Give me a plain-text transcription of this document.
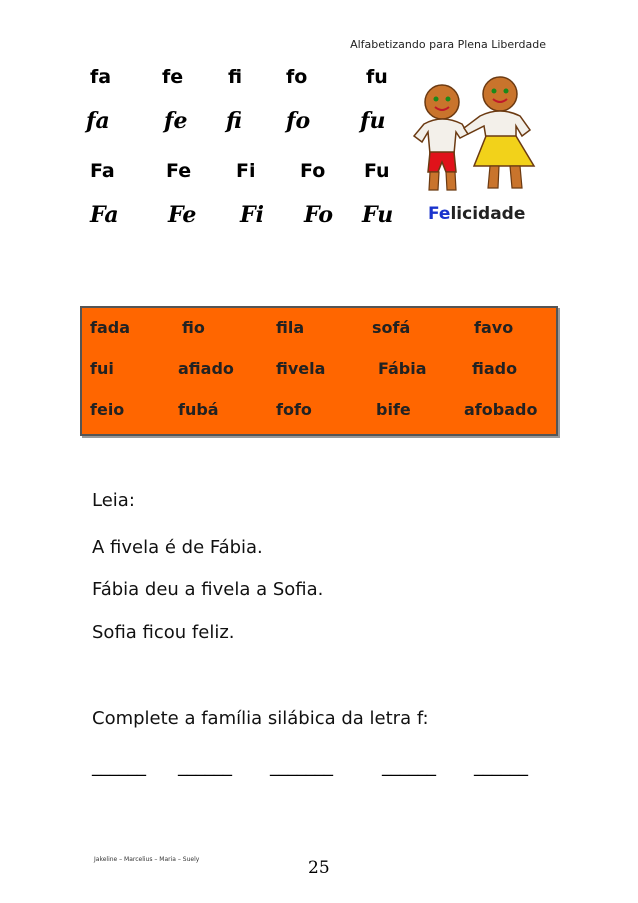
Alfabetizando para Plena Liberdade
fa	fe fi fo	fu
fa fe fi fo fu
Fa	Fe Fi Fo Fu
Fa Fe Fi Fo Fu Felicidade
fada	fio	fila	sofá	favo
fui	afiado	fivela	Fábia	fiado
feio	fubá	fofo	bife	afobado
Leia:
A fivela é de Fábia.
Fábia deu a fivela a Sofia.
Sofia ficou feliz.
Complete a família silábica da letra f:
______ ______ _______	______ ______
Jakeline – Marcelius – Maria – Suely	25
